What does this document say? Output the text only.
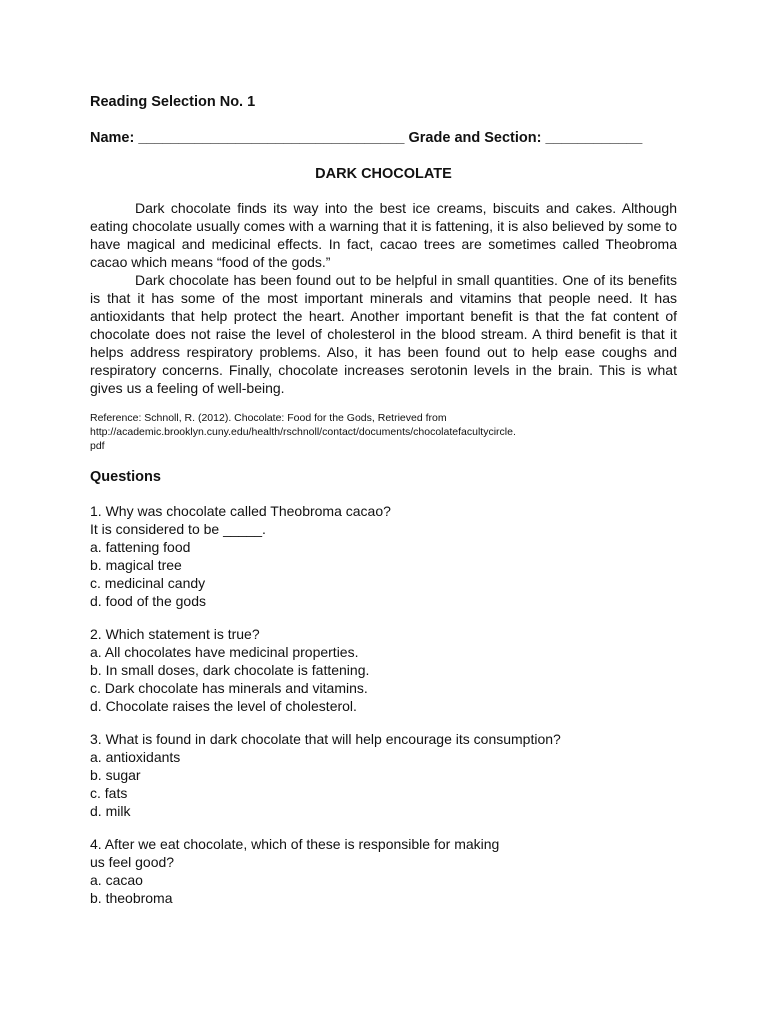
Reading Selection No. 1
Name: _________________________________ Grade and Section: ____________
DARK CHOCOLATE

Dark chocolate finds its way into the best ice creams, biscuits and cakes. Although eating chocolate usually comes with a warning that it is fattening, it is also believed by some to have magical and medicinal effects. In fact, cacao trees are sometimes called Theobroma cacao which means “food of the gods.”

Dark chocolate has been found out to be helpful in small quantities. One of its benefits is that it has some of the most important minerals and vitamins that people need. It has antioxidants that help protect the heart. Another important benefit is that the fat content of chocolate does not raise the level of cholesterol in the blood stream. A third benefit is that it helps address respiratory problems. Also, it has been found out to help ease coughs and respiratory concerns. Finally, chocolate increases serotonin levels in the brain. This is what gives us a feeling of well-being.

Reference: Schnoll, R. (2012). Chocolate: Food for the Gods, Retrieved from
http://academic.brooklyn.cuny.edu/health/rschnoll/contact/documents/chocolatefacultycircle.
pdf
Questions
1. Why was chocolate called Theobroma cacao?
It is considered to be _____.
a. fattening food
b. magical tree
c. medicinal candy
d. food of the gods
2. Which statement is true?
a. All chocolates have medicinal properties.
b. In small doses, dark chocolate is fattening.
c. Dark chocolate has minerals and vitamins.
d. Chocolate raises the level of cholesterol.
3. What is found in dark chocolate that will help encourage its consumption?
a. antioxidants
b. sugar
c. fats
d. milk
4. After we eat chocolate, which of these is responsible for making
us feel good?
a. cacao
b. theobroma
